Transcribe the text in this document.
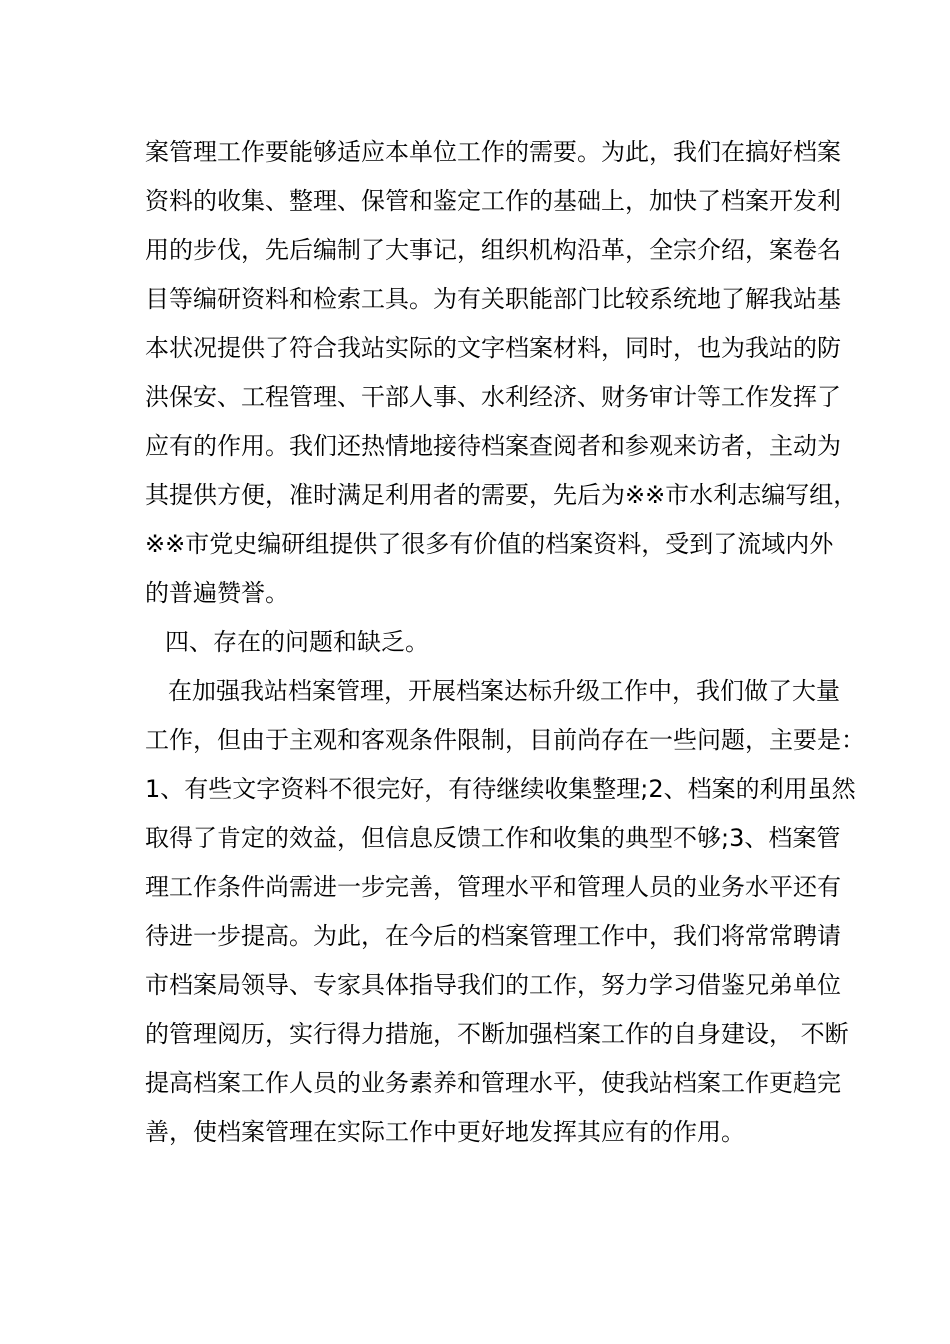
案管理工作要能够适应本单位工作的需要。为此，我们在搞好档案
资料的收集、整理、保管和鉴定工作的基础上，加快了档案开发利
用的步伐，先后编制了大事记，组织机构沿革，全宗介绍，案卷名
目等编研资料和检索工具。为有关职能部门比较系统地了解我站基
本状况提供了符合我站实际的文字档案材料，同时，也为我站的防
洪保安、工程管理、干部人事、水利经济、财务审计等工作发挥了
应有的作用。我们还热情地接待档案查阅者和参观来访者，主动为
其提供方便，准时满足利用者的需要，先后为※※市水利志编写组，
※※市党史编研组提供了很多有价值的档案资料，受到了流域内外
的普遍赞誉。
四、存在的问题和缺乏。
在加强我站档案管理，开展档案达标升级工作中，我们做了大量
工作，但由于主观和客观条件限制，目前尚存在一些问题，主要是：
1、有些文字资料不很完好，有待继续收集整理;2、档案的利用虽然
取得了肯定的效益，但信息反馈工作和收集的典型不够;3、档案管
理工作条件尚需进一步完善，管理水平和管理人员的业务水平还有
待进一步提高。为此，在今后的档案管理工作中，我们将常常聘请
市档案局领导、专家具体指导我们的工作，努力学习借鉴兄弟单位
的管理阅历，实行得力措施，不断加强档案工作的自身建设， 不断
提高档案工作人员的业务素养和管理水平，使我站档案工作更趋完
善，使档案管理在实际工作中更好地发挥其应有的作用。
